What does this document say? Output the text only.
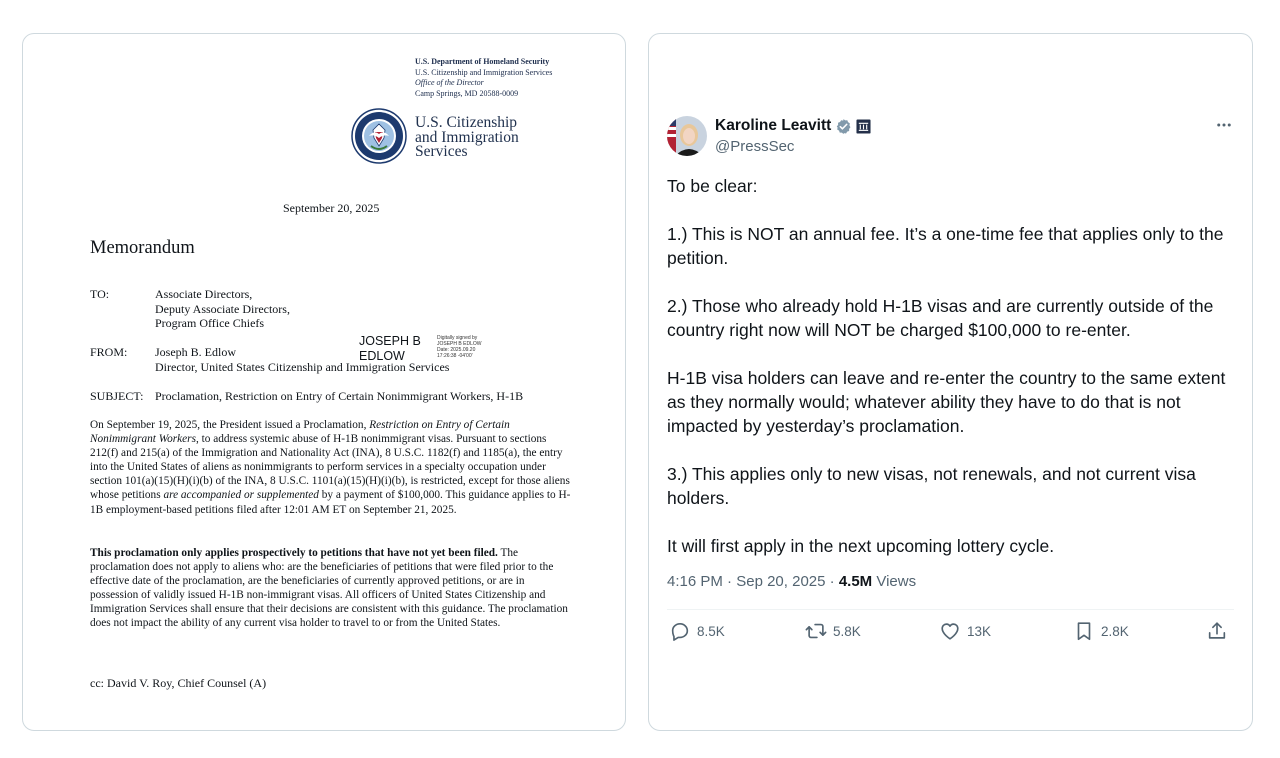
U.S. Department of Homeland Security
U.S. Citizenship and Immigration Services
Office of the Director
Camp Springs, MD 20588-0009
U.S. Citizenship
and Immigration
Services
September 20, 2025
Memorandum
TO:	Associate Directors,
Deputy Associate Directors,
Program Office Chiefs
JOSEPH B
EDLOW
Digitally signed by
JOSEPH B EDLOW
Date: 2025.09.20
17:26:38 -04'00'
FROM: Joseph B. Edlow
Director, United States Citizenship and Immigration Services
SUBJECT: Proclamation, Restriction on Entry of Certain Nonimmigrant Workers, H-1B
On September 19, 2025, the President issued a Proclamation, Restriction on Entry of Certain Nonimmigrant Workers, to address systemic abuse of H-1B nonimmigrant visas. Pursuant to sections 212(f) and 215(a) of the Immigration and Nationality Act (INA), 8 U.S.C. 1182(f) and 1185(a), the entry into the United States of aliens as nonimmigrants to perform services in a specialty occupation under section 101(a)(15)(H)(i)(b) of the INA, 8 U.S.C. 1101(a)(15)(H)(i)(b), is restricted, except for those aliens whose petitions are accompanied or supplemented by a payment of $100,000. This guidance applies to H-1B employment-based petitions filed after 12:01 AM ET on September 21, 2025.
This proclamation only applies prospectively to petitions that have not yet been filed. The proclamation does not apply to aliens who: are the beneficiaries of petitions that were filed prior to the effective date of the proclamation, are the beneficiaries of currently approved petitions, or are in possession of validly issued H-1B non-immigrant visas. All officers of United States Citizenship and Immigration Services shall ensure that their decisions are consistent with this guidance. The proclamation does not impact the ability of any current visa holder to travel to or from the United States.
cc: David V. Roy, Chief Counsel (A)
Karoline Leavitt
@PressSec

To be clear:

1.) This is NOT an annual fee. It’s a one-time fee that applies only to the petition.

2.) Those who already hold H-1B visas and are currently outside of the country right now will NOT be charged $100,000 to re-enter.

H-1B visa holders can leave and re-enter the country to the same extent as they normally would; whatever ability they have to do that is not impacted by yesterday’s proclamation.

3.) This applies only to new visas, not renewals, and not current visa holders.

It will first apply in the next upcoming lottery cycle.

4:16 PM · Sep 20, 2025 · 4.5M Views
8.5K	5.8K	13K	2.8K
